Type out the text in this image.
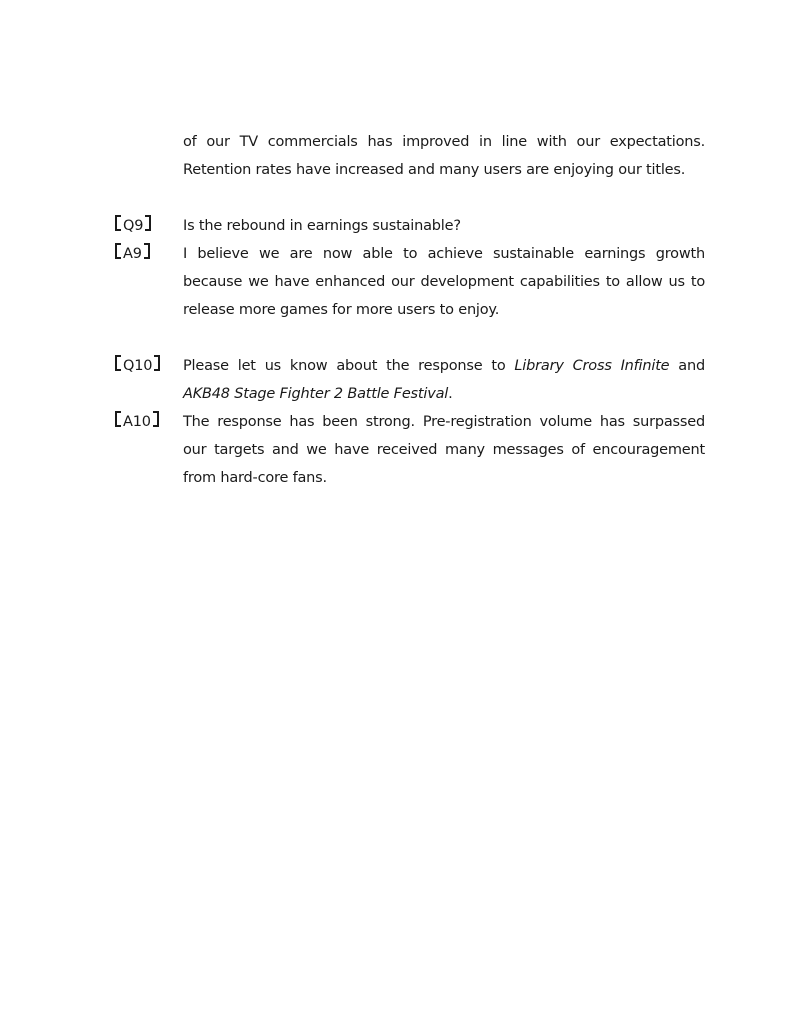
of our TV commercials has improved in line with our expectations. Retention rates have increased and many users are enjoying our titles.
Q9	Is the rebound in earnings sustainable?
A9	I believe we are now able to achieve sustainable earnings growth because we have enhanced our development capabilities to allow us to release more games for more users to enjoy.
Q10	Please let us know about the response to Library Cross Infinite and AKB48 Stage Fighter 2 Battle Festival.
A10	The response has been strong. Pre-registration volume has surpassed our targets and we have received many messages of encouragement from hard-core fans.
